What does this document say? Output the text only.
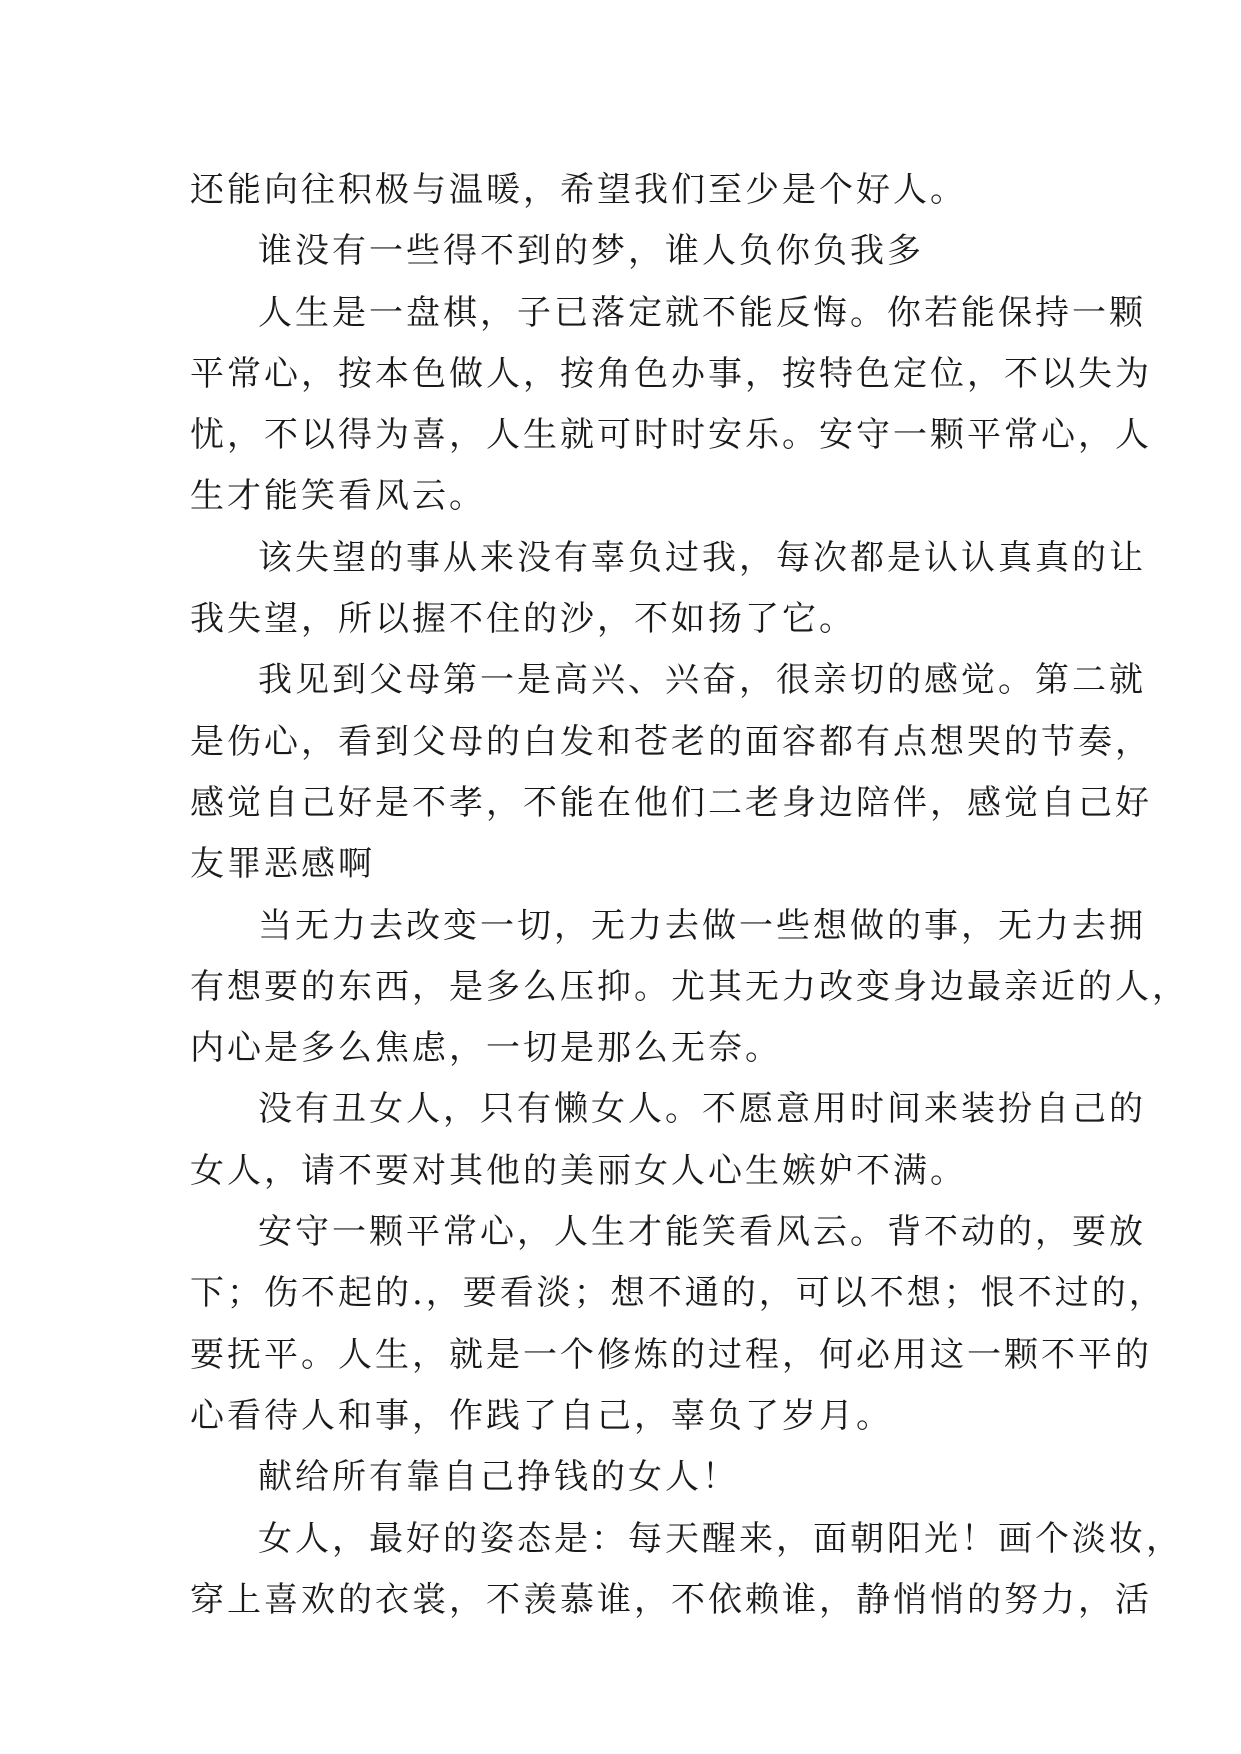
还能向往积极与温暖，希望我们至少是个好人。
谁没有一些得不到的梦，谁人负你负我多
人生是一盘棋，子已落定就不能反悔。你若能保持一颗
平常心，按本色做人，按角色办事，按特色定位，不以失为
忧，不以得为喜，人生就可时时安乐。安守一颗平常心，人
生才能笑看风云。
该失望的事从来没有辜负过我，每次都是认认真真的让
我失望，所以握不住的沙，不如扬了它。
我见到父母第一是高兴、兴奋，很亲切的感觉。第二就
是伤心，看到父母的白发和苍老的面容都有点想哭的节奏，
感觉自己好是不孝，不能在他们二老身边陪伴，感觉自己好
友罪恶感啊
当无力去改变一切，无力去做一些想做的事，无力去拥
有想要的东西，是多么压抑。尤其无力改变身边最亲近的人，
内心是多么焦虑，一切是那么无奈。
没有丑女人，只有懒女人。不愿意用时间来装扮自己的
女人，请不要对其他的美丽女人心生嫉妒不满。
安守一颗平常心，人生才能笑看风云。背不动的，要放
下；伤不起的.，要看淡；想不通的，可以不想；恨不过的，
要抚平。人生，就是一个修炼的过程，何必用这一颗不平的
心看待人和事，作践了自己，辜负了岁月。
献给所有靠自己挣钱的女人！
女人，最好的姿态是：每天醒来，面朝阳光！画个淡妆，
穿上喜欢的衣裳，不羡慕谁，不依赖谁，静悄悄的努力，活
